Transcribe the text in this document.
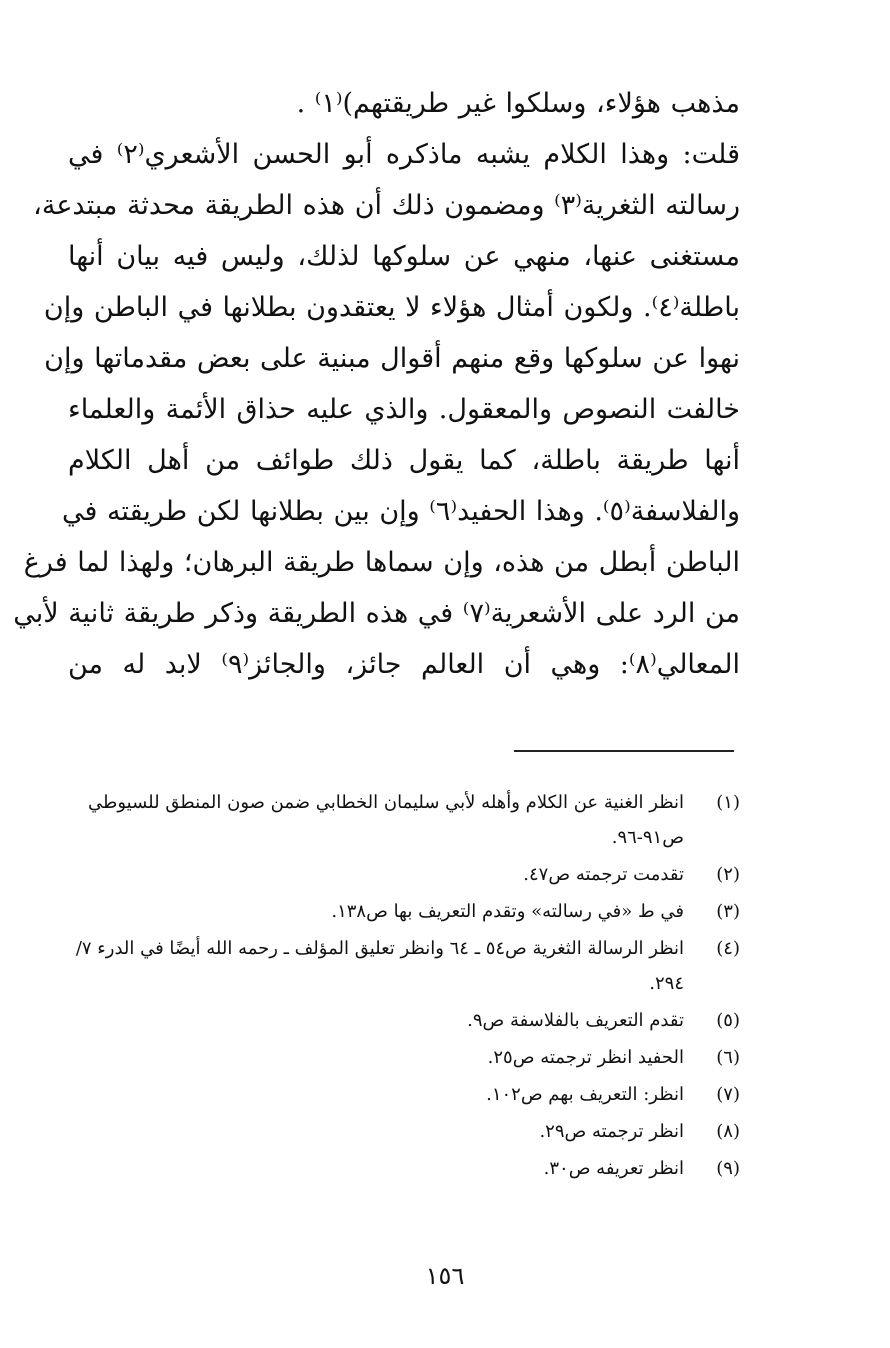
مذهب هؤلاء، وسلكوا غير طريقتهم)⁽١⁾ .
قلت: وهذا الكلام يشبه ماذكره أبو الحسن الأشعري⁽٢⁾ في
رسالته الثغرية⁽٣⁾ ومضمون ذلك أن هذه الطريقة محدثة مبتدعة،
مستغنى عنها، منهي عن سلوكها لذلك، وليس فيه بيان أنها
باطلة⁽٤⁾. ولكون أمثال هؤلاء لا يعتقدون بطلانها في الباطن وإن
نهوا عن سلوكها وقع منهم أقوال مبنية على بعض مقدماتها وإن
خالفت النصوص والمعقول. والذي عليه حذاق الأئمة والعلماء
أنها طريقة باطلة، كما يقول ذلك طوائف من أهل الكلام
والفلاسفة⁽٥⁾. وهذا الحفيد⁽٦⁾ وإن بين بطلانها لكن طريقته في
الباطن أبطل من هذه، وإن سماها طريقة البرهان؛ ولهذا لما فرغ
من الرد على الأشعرية⁽٧⁾ في هذه الطريقة وذكر طريقة ثانية لأبي
المعالي⁽٨⁾: وهي أن العالم جائز، والجائز⁽٩⁾ لابد له من
(١)
انظر الغنية عن الكلام وأهله لأبي سليمان الخطابي ضمن صون المنطق للسيوطي ص٩١-٩٦.
(٢)
تقدمت ترجمته ص٤٧.
(٣)
في ط «في رسالته» وتقدم التعريف بها ص١٣٨.
(٤)
انظر الرسالة الثغرية ص٥٤ ـ ٦٤ وانظر تعليق المؤلف ـ رحمه الله أيضًا في الدرء ٧/ ٢٩٤.
(٥)
تقدم التعريف بالفلاسفة ص٩.
(٦)
الحفيد انظر ترجمته ص٢٥.
(٧)
انظر: التعريف بهم ص١٠٢.
(٨)
انظر ترجمته ص٢٩.
(٩)
انظر تعريفه ص٣٠.
١٥٦
